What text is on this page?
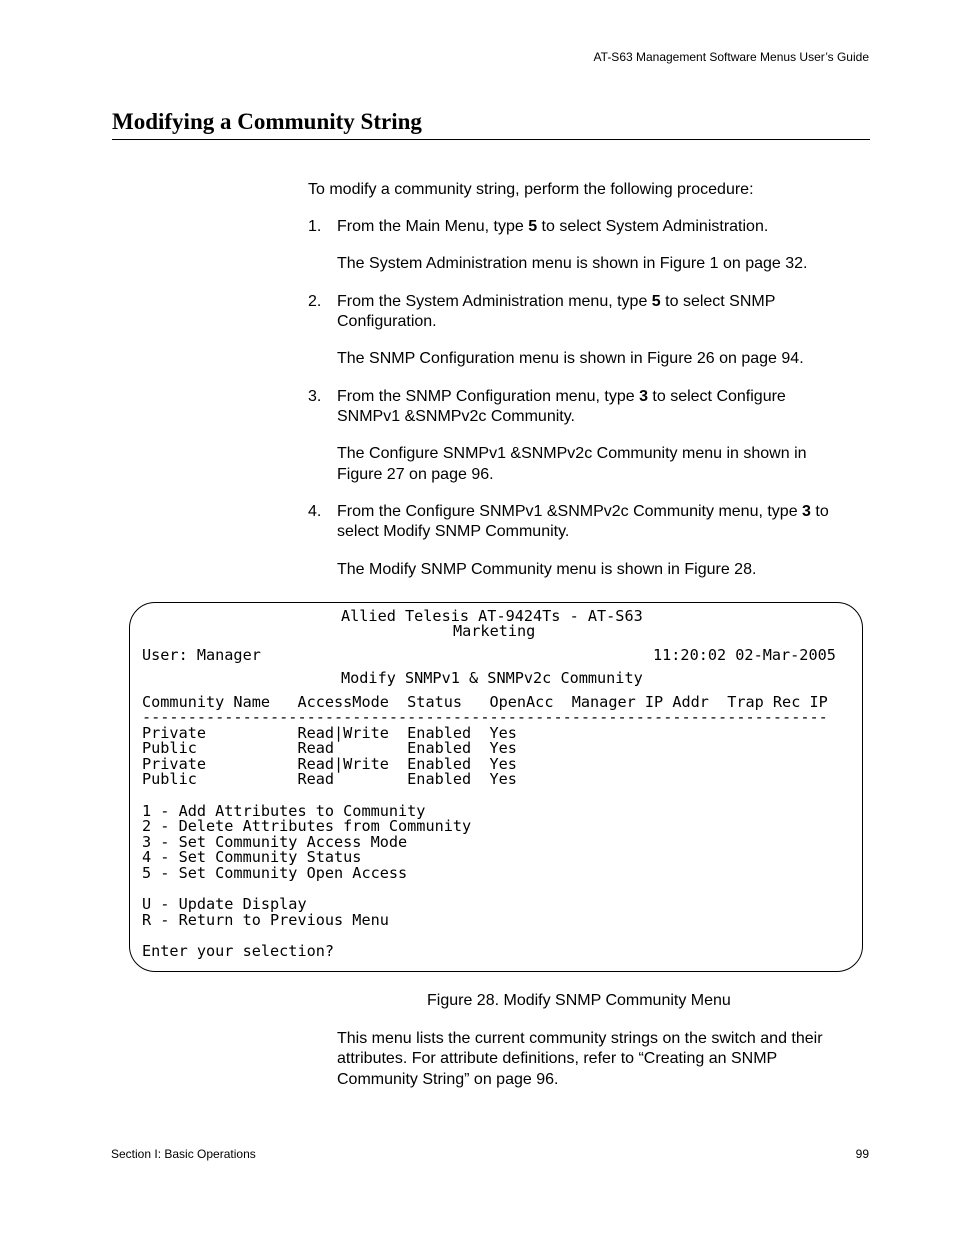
AT-S63 Management Software Menus User’s Guide
Modifying a Community String
To modify a community string, perform the following procedure:
1. From the Main Menu, type 5 to select System Administration.
The System Administration menu is shown in Figure 1 on page 32.
2. From the System Administration menu, type 5 to select SNMP
Configuration.
The SNMP Configuration menu is shown in Figure 26 on page 94.
3. From the SNMP Configuration menu, type 3 to select Configure
SNMPv1 &SNMPv2c Community.
The Configure SNMPv1 &SNMPv2c Community menu in shown in
Figure 27 on page 96.
4. From the Configure SNMPv1 &SNMPv2c Community menu, type 3 to
select Modify SNMP Community.
The Modify SNMP Community menu is shown in Figure 28.
Allied Telesis AT-9424Ts - AT-S63
Marketing
User: Manager	11:20:02 02-Mar-2005
Modify SNMPv1 & SNMPv2c Community
Community Name   AccessMode  Status   OpenAcc  Manager IP Addr  Trap Rec IP
---------------------------------------------------------------------------
Private          Read|Write  Enabled  Yes
Public           Read        Enabled  Yes
Private          Read|Write  Enabled  Yes
Public           Read        Enabled  Yes
1 - Add Attributes to Community
2 - Delete Attributes from Community
3 - Set Community Access Mode
4 - Set Community Status
5 - Set Community Open Access
U - Update Display
R - Return to Previous Menu
Enter your selection?
Figure 28. Modify SNMP Community Menu
This menu lists the current community strings on the switch and their
attributes. For attribute definitions, refer to “Creating an SNMP
Community String” on page 96.
Section I: Basic Operations	99
